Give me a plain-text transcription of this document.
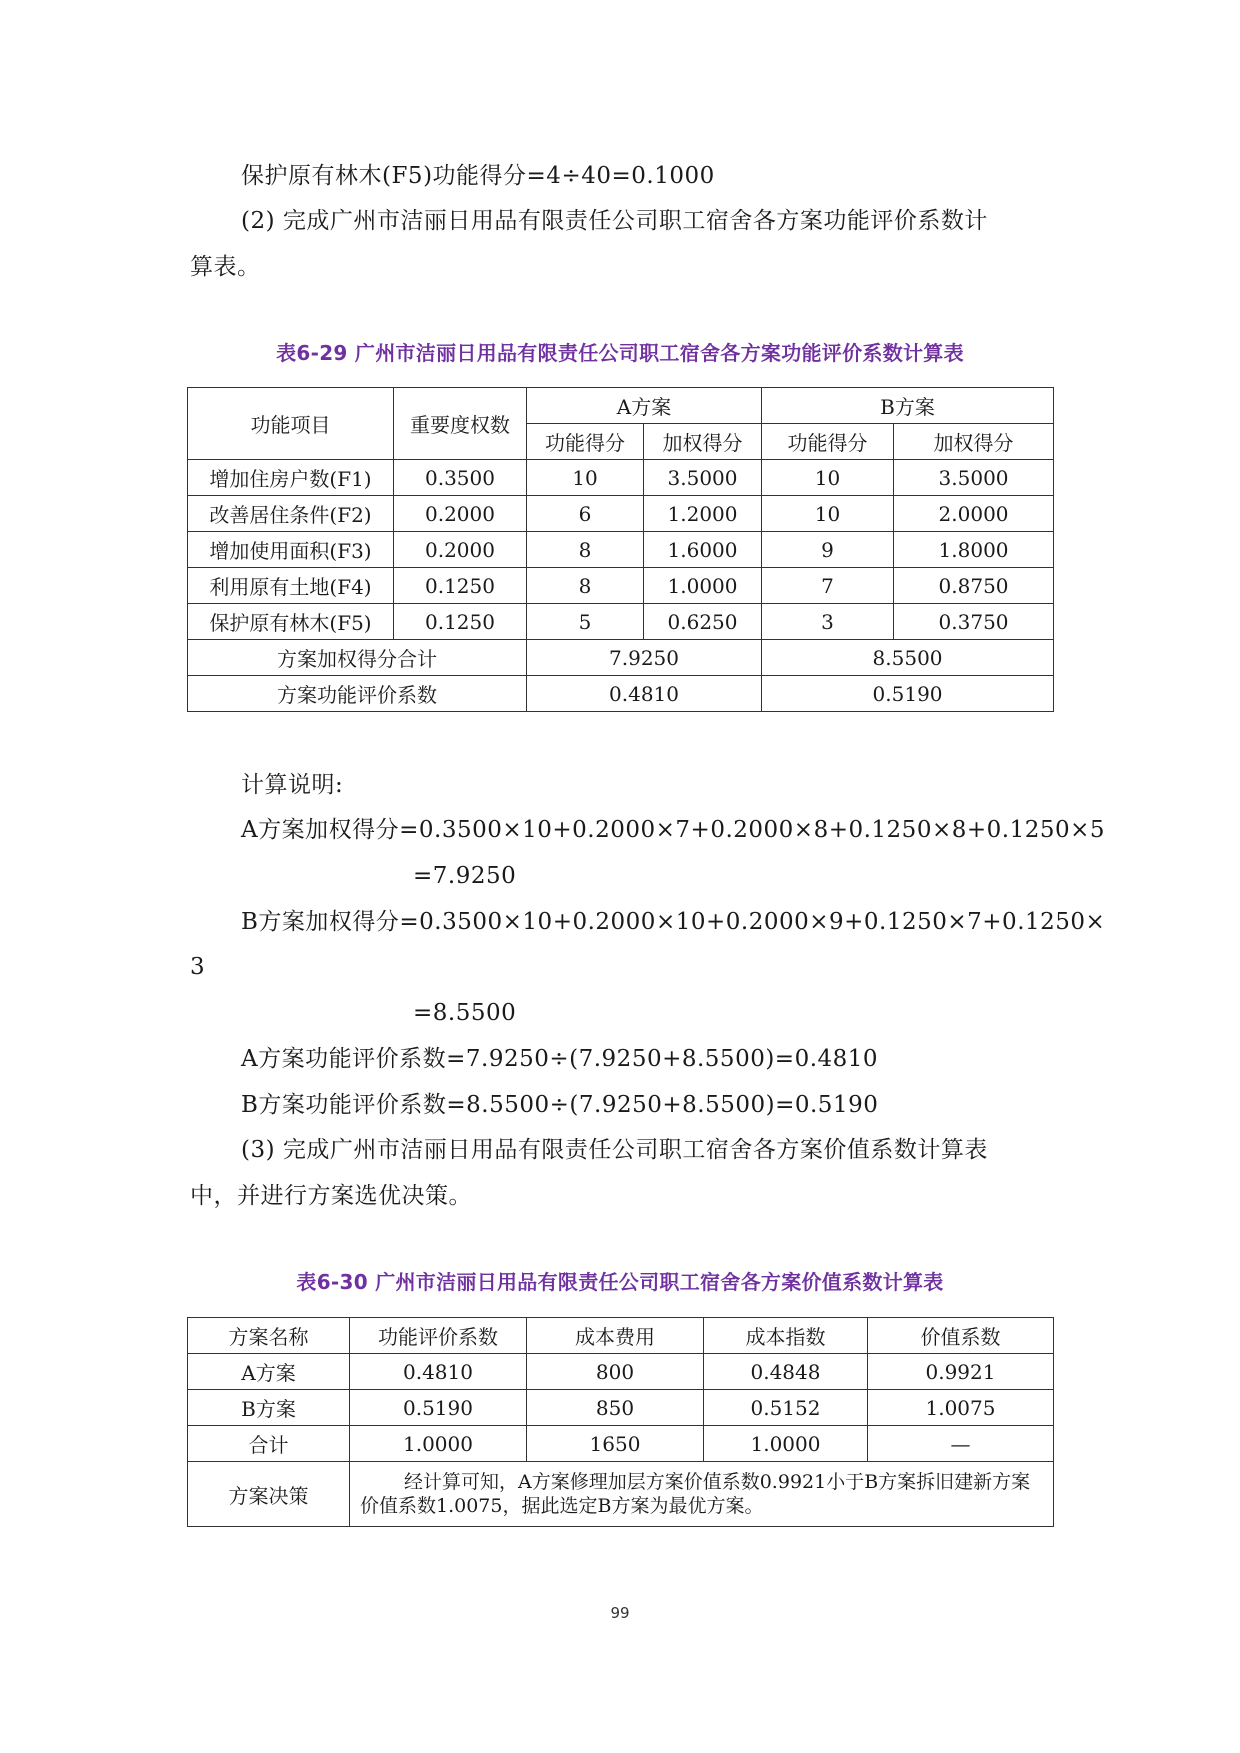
保护原有林木(F5)功能得分=4÷40=0.1000
(2) 完成广州市洁丽日用品有限责任公司职工宿舍各方案功能评价系数计
算表。
表6-29 广州市洁丽日用品有限责任公司职工宿舍各方案功能评价系数计算表
功能项目	重要度权数	A方案		B方案	
		功能得分	加权得分	功能得分	加权得分
增加住房户数(F1)	0.3500	10	3.5000	10	3.5000
改善居住条件(F2)	0.2000	6	1.2000	10	2.0000
增加使用面积(F3)	0.2000	8	1.6000	9	1.8000
利用原有土地(F4)	0.1250	8	1.0000	7	0.8750
保护原有林木(F5)	0.1250	5	0.6250	3	0.3750
方案加权得分合计		7.9250		8.5500	
方案功能评价系数		0.4810		0.5190	
计算说明:
A方案加权得分=0.3500×10+0.2000×7+0.2000×8+0.1250×8+0.1250×5
=7.9250
B方案加权得分=0.3500×10+0.2000×10+0.2000×9+0.1250×7+0.1250×
3
=8.5500
A方案功能评价系数=7.9250÷(7.9250+8.5500)=0.4810
B方案功能评价系数=8.5500÷(7.9250+8.5500)=0.5190
(3) 完成广州市洁丽日用品有限责任公司职工宿舍各方案价值系数计算表
中，并进行方案选优决策。
表6-30 广州市洁丽日用品有限责任公司职工宿舍各方案价值系数计算表
方案名称	功能评价系数	成本费用	成本指数	价值系数
A方案	0.4810	800	0.4848	0.9921
B方案	0.5190	850	0.5152	1.0075
合计	1.0000	1650	1.0000	—
方案决策	经计算可知，A方案修理加层方案价值系数0.9921小于B方案拆旧建新方案价值系数1.0075，据此选定B方案为最优方案。			
99
